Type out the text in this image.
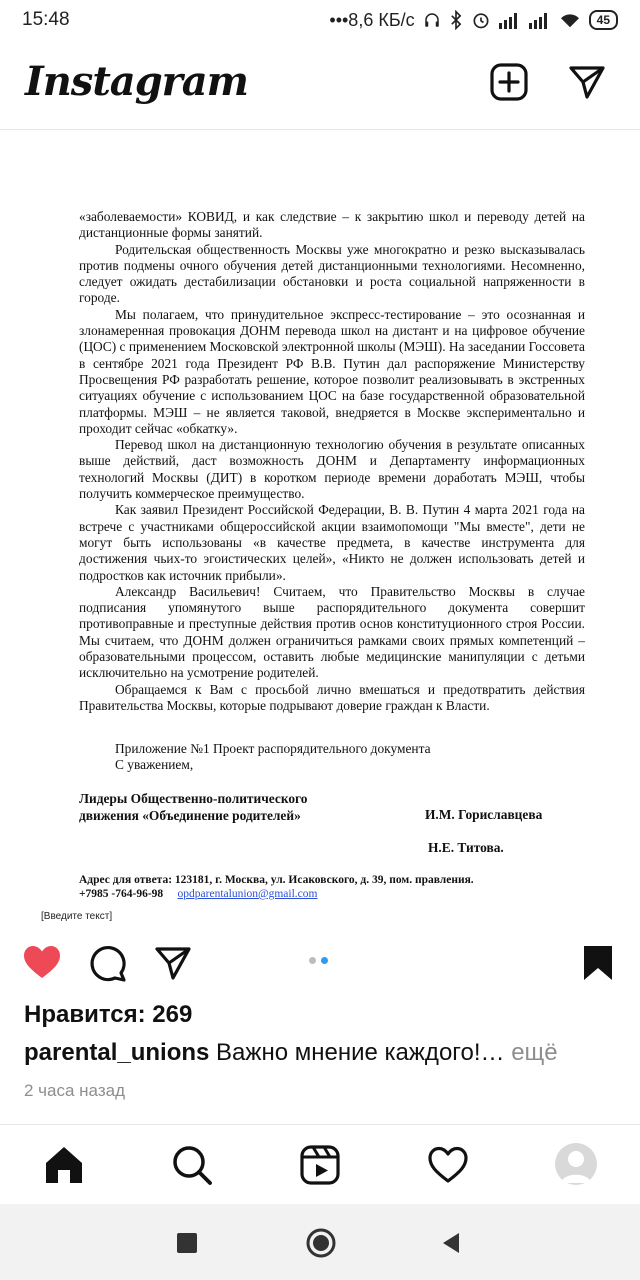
15:48	•••8,6 КБ/с	45
Instagram

«заболеваемости» КОВИД, и как следствие – к закрытию школ и переводу детей на дистанционные формы занятий.

Родительская общественность Москвы уже многократно и резко высказывалась против подмены очного обучения детей дистанционными технологиями. Несомненно, следует ожидать дестабилизации обстановки и роста социальной напряженности в городе.

Мы полагаем, что принудительное экспресс-тестирование – это осознанная и злонамеренная провокация ДОНМ перевода школ на дистант и на цифровое обучение (ЦОС) с применением Московской электронной школы (МЭШ). На заседании Госсовета в сентябре 2021 года Президент РФ В.В. Путин дал распоряжение Министерству Просвещения РФ разработать решение, которое позволит реализовывать в экстренных ситуациях обучение с использованием ЦОС на базе государственной образовательной платформы. МЭШ – не является таковой, внедряется в Москве экспериментально и проходит сейчас «обкатку».

Перевод школ на дистанционную технологию обучения в результате описанных выше действий, даст возможность ДОНМ и Департаменту информационных технологий Москвы (ДИТ) в коротком периоде времени доработать МЭШ, чтобы получить коммерческое преимущество.

Как заявил Президент Российской Федерации, В. В. Путин 4 марта 2021 года на встрече с участниками общероссийской акции взаимопомощи "Мы вместе", дети не могут быть использованы «в качестве предмета, в качестве инструмента для достижения чьих-то эгоистических целей», «Никто не должен использовать детей и подростков как источник прибыли».

Александр Васильевич! Считаем, что Правительство Москвы в случае подписания упомянутого выше распорядительного документа совершит противоправные и преступные действия против основ конституционного строя России. Мы считаем, что ДОНМ должен ограничиться рамками своих прямых компетенций – образовательными процессом, оставить любые медицинские манипуляции с детьми исключительно на усмотрение родителей.

Обращаемся к Вам с просьбой лично вмешаться и предотвратить действия Правительства Москвы, которые подрывают доверие граждан к Власти.

Приложение №1 Проект распорядительного документа

С уважением,

Лидеры Общественно-политического
движения «Объединение родителей»	И.М. Гориславцева
Н.Е. Титова.
Адрес для ответа: 123181, г. Москва, ул. Исаковского, д. 39, пом. правления.
+7985 -764-96-98 opdparentalunion@gmail.com
[Введите текст]
Нравится: 269
parental_unions Важно мнение каждого!… ещё
2 часа назад
